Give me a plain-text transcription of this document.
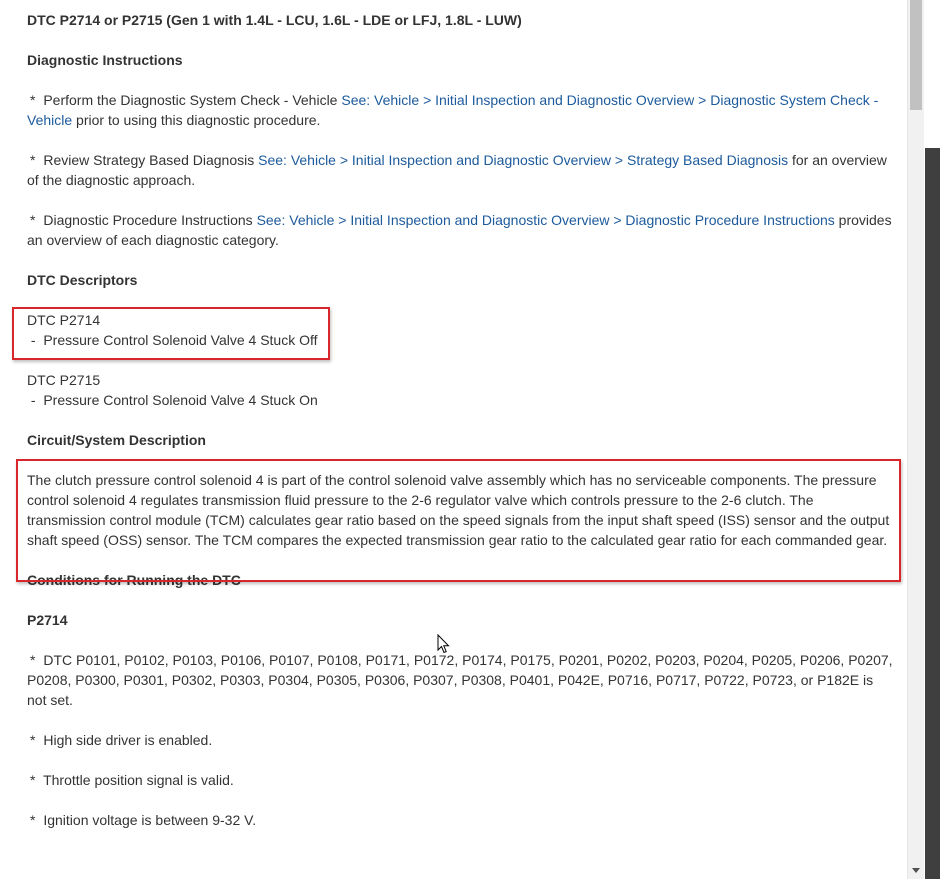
DTC P2714 or P2715 (Gen 1 with 1.4L - LCU, 1.6L - LDE or LFJ, 1.8L - LUW)
Diagnostic Instructions
* Perform the Diagnostic System Check - Vehicle See: Vehicle > Initial Inspection and Diagnostic Overview > Diagnostic System Check - Vehicle prior to using this diagnostic procedure.
* Review Strategy Based Diagnosis See: Vehicle > Initial Inspection and Diagnostic Overview > Strategy Based Diagnosis for an overview of the diagnostic approach.
* Diagnostic Procedure Instructions See: Vehicle > Initial Inspection and Diagnostic Overview > Diagnostic Procedure Instructions provides an overview of each diagnostic category.
DTC Descriptors
DTC P2714
-  Pressure Control Solenoid Valve 4 Stuck Off
DTC P2715
-  Pressure Control Solenoid Valve 4 Stuck On
Circuit/System Description
The clutch pressure control solenoid 4 is part of the control solenoid valve assembly which has no serviceable components. The pressure control solenoid 4 regulates transmission fluid pressure to the 2-6 regulator valve which controls pressure to the 2-6 clutch. The transmission control module (TCM) calculates gear ratio based on the speed signals from the input shaft speed (ISS) sensor and the output shaft speed (OSS) sensor. The TCM compares the expected transmission gear ratio to the calculated gear ratio for each commanded gear.
Conditions for Running the DTC
P2714
* DTC P0101, P0102, P0103, P0106, P0107, P0108, P0171, P0172, P0174, P0175, P0201, P0202, P0203, P0204, P0205, P0206, P0207, P0208, P0300, P0301, P0302, P0303, P0304, P0305, P0306, P0307, P0308, P0401, P042E, P0716, P0717, P0722, P0723, or P182E is not set.
* High side driver is enabled.
* Throttle position signal is valid.
* Ignition voltage is between 9-32 V.
